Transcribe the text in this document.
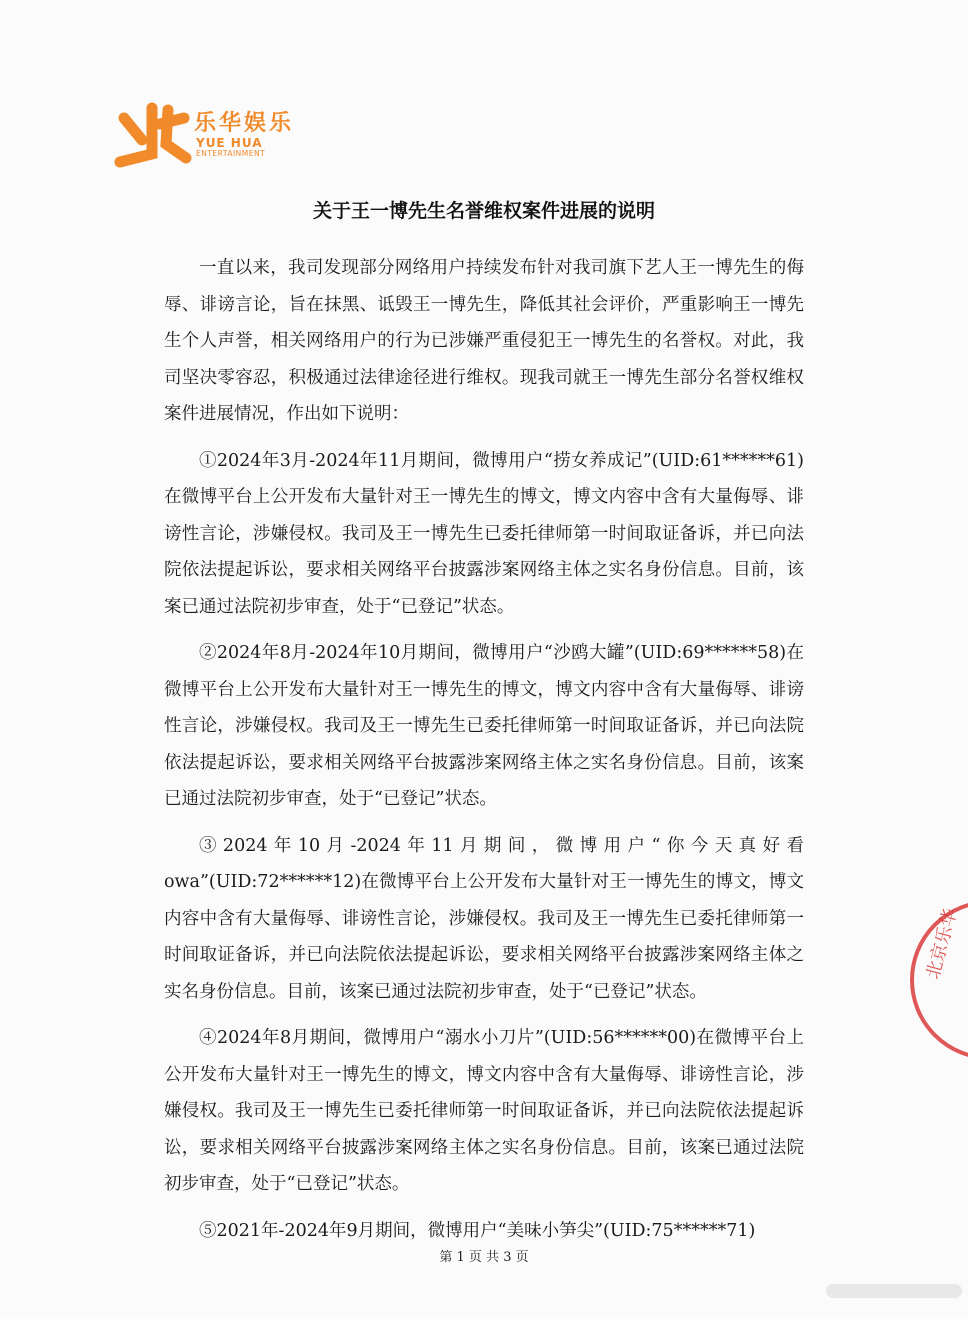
乐华娱乐
YUE HUA
ENTERTAINMENT
关于王一博先生名誉维权案件进展的说明

一直以来，我司发现部分网络用户持续发布针对我司旗下艺人王一博先生的侮辱、诽谤言论，旨在抹黑、诋毁王一博先生，降低其社会评价，严重影响王一博先生个人声誉，相关网络用户的行为已涉嫌严重侵犯王一博先生的名誉权。对此，我司坚决零容忍，积极通过法律途径进行维权。现我司就王一博先生部分名誉权维权案件进展情况，作出如下说明：

①2024年3月-2024年11月期间，微博用户“捞女养成记”(UID:61******61)在微博平台上公开发布大量针对王一博先生的博文，博文内容中含有大量侮辱、诽谤性言论，涉嫌侵权。我司及王一博先生已委托律师第一时间取证备诉，并已向法院依法提起诉讼，要求相关网络平台披露涉案网络主体之实名身份信息。目前，该案已通过法院初步审查，处于“已登记”状态。

②2024年8月-2024年10月期间，微博用户“沙鸥大罐”(UID:69******58)在微博平台上公开发布大量针对王一博先生的博文，博文内容中含有大量侮辱、诽谤性言论，涉嫌侵权。我司及王一博先生已委托律师第一时间取证备诉，并已向法院依法提起诉讼，要求相关网络平台披露涉案网络主体之实名身份信息。目前，该案已通过法院初步审查，处于“已登记”状态。

③2024年10月-2024年11月期间，微博用户“你今天真好看owa”(UID:72******12)在微博平台上公开发布大量针对王一博先生的博文，博文内容中含有大量侮辱、诽谤性言论，涉嫌侵权。我司及王一博先生已委托律师第一时间取证备诉，并已向法院依法提起诉讼，要求相关网络平台披露涉案网络主体之实名身份信息。目前，该案已通过法院初步审查，处于“已登记”状态。

④2024年8月期间，微博用户“溺水小刀片”(UID:56******00)在微博平台上公开发布大量针对王一博先生的博文，博文内容中含有大量侮辱、诽谤性言论，涉嫌侵权。我司及王一博先生已委托律师第一时间取证备诉，并已向法院依法提起诉讼，要求相关网络平台披露涉案网络主体之实名身份信息。目前，该案已通过法院初步审查，处于“已登记”状态。

⑤2021年-2024年9月期间，微博用户“美味小笋尖”(UID:75******71)

北京乐华
第 1 页 共 3 页
